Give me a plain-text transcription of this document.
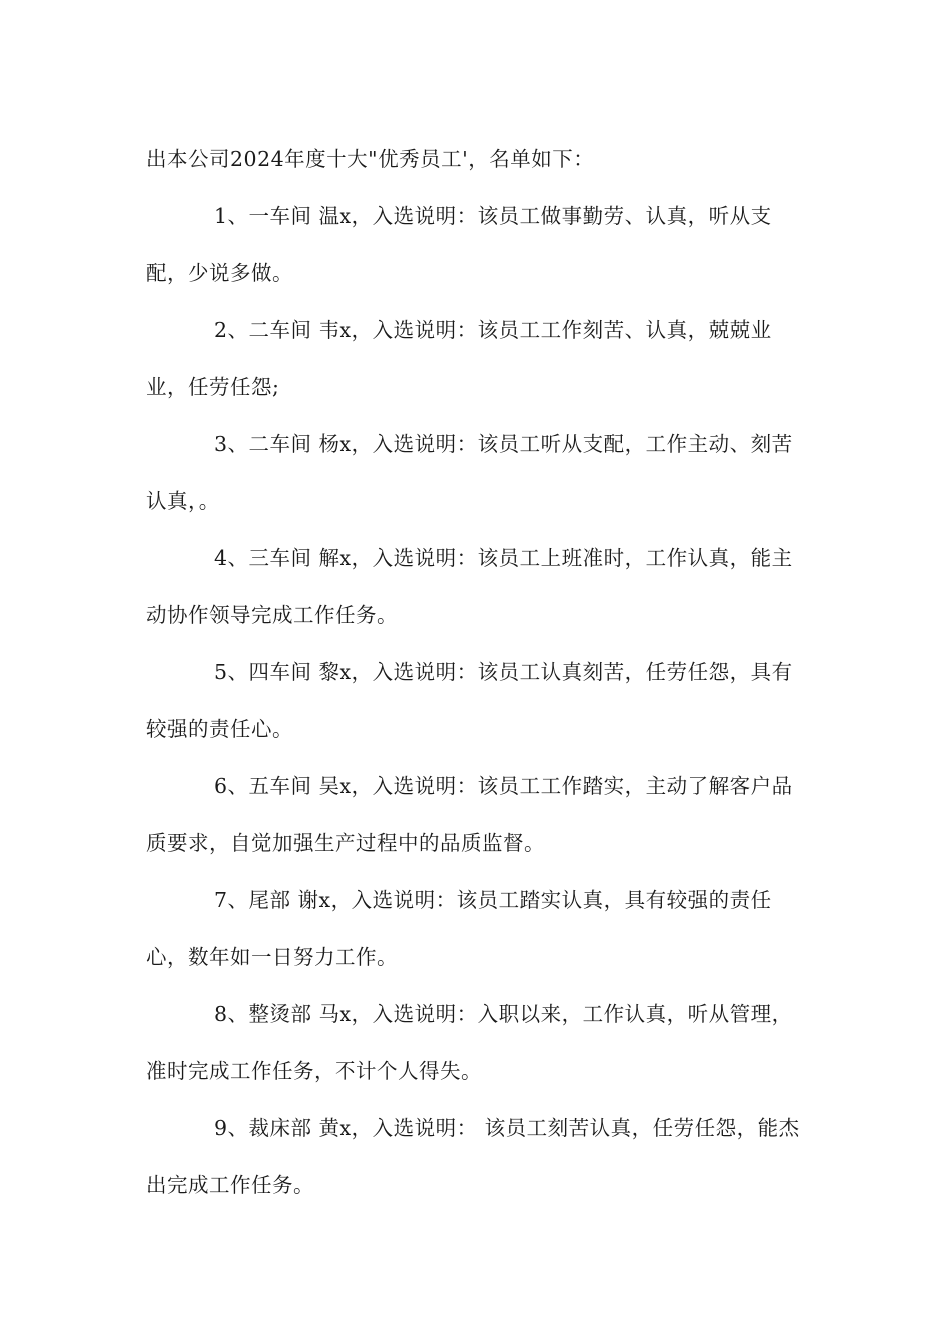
出本公司2024年度十大"优秀员工'，名单如下：

1、一车间 温x，入选说明：该员工做事勤劳、认真，听从支配，少说多做。

2、二车间 韦x，入选说明：该员工工作刻苦、认真，兢兢业业，任劳任怨;

3、二车间 杨x，入选说明：该员工听从支配，工作主动、刻苦认真，。

4、三车间 解x，入选说明：该员工上班准时，工作认真，能主动协作领导完成工作任务。

5、四车间 黎x，入选说明：该员工认真刻苦，任劳任怨，具有较强的责任心。

6、五车间 吴x，入选说明：该员工工作踏实，主动了解客户品质要求，自觉加强生产过程中的品质监督。

7、尾部 谢x，入选说明：该员工踏实认真，具有较强的责任心，数年如一日努力工作。

8、整烫部 马x，入选说明：入职以来，工作认真，听从管理，准时完成工作任务，不计个人得失。

9、裁床部 黄x，入选说明： 该员工刻苦认真，任劳任怨，能杰出完成工作任务。
